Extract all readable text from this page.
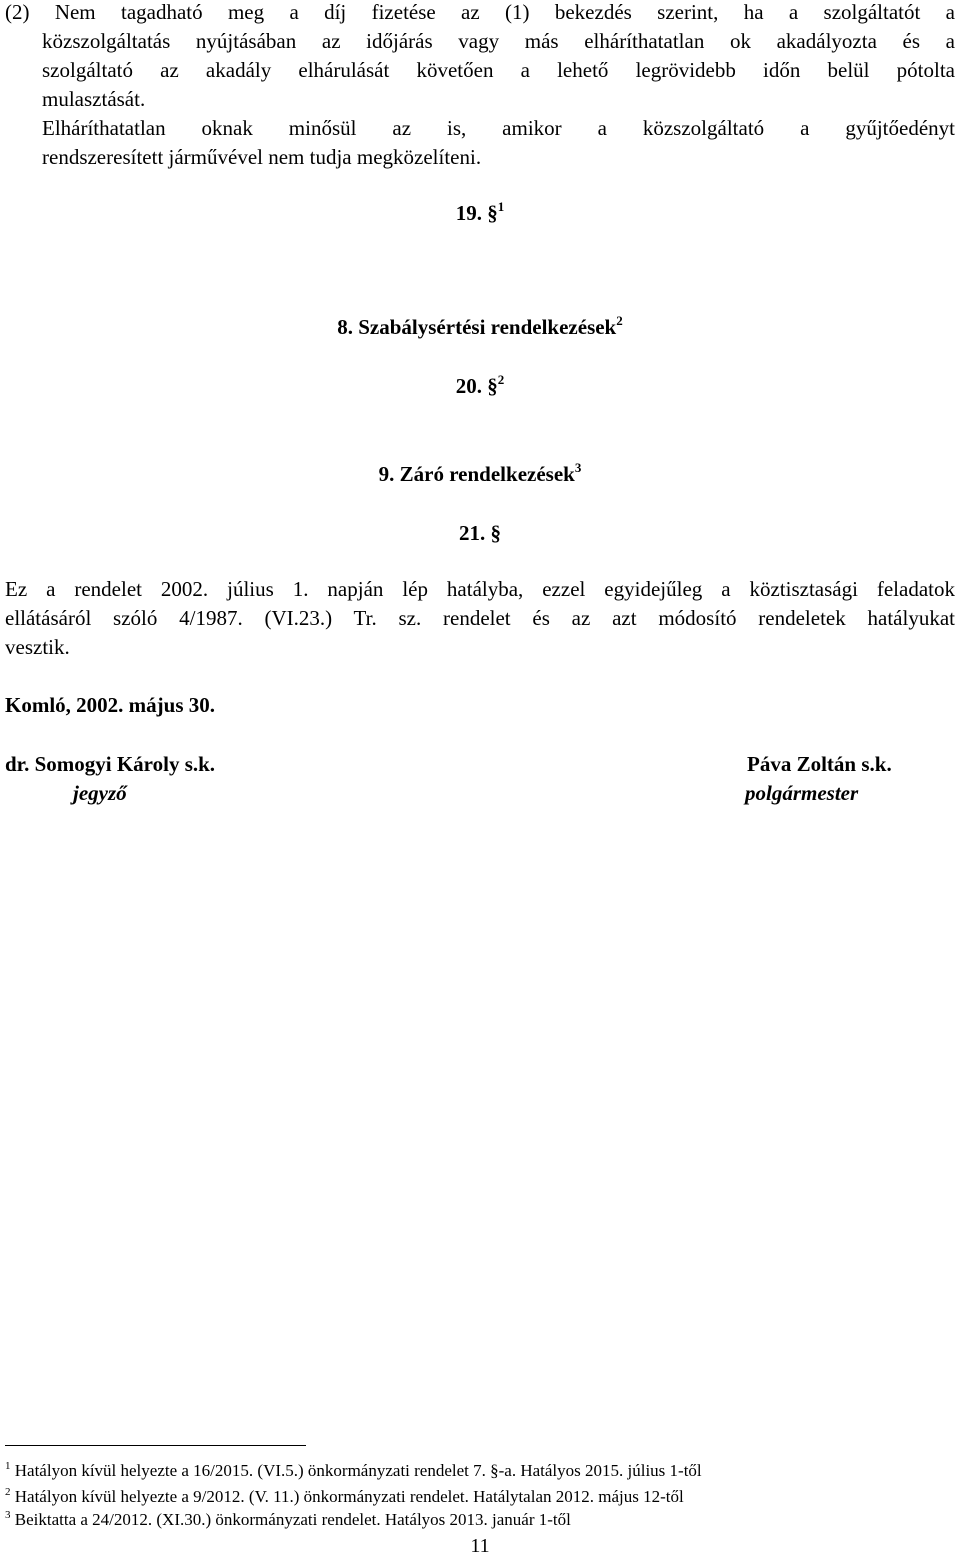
(2) Nem tagadható meg a díj fizetése az (1) bekezdés szerint, ha a szolgáltatót a
közszolgáltatás nyújtásában az időjárás vagy más elháríthatatlan ok akadályozta és a
szolgáltató az akadály elhárulását követően a lehető legrövidebb időn belül pótolta
mulasztását.
Elháríthatatlan oknak minősül az is, amikor a közszolgáltató a gyűjtőedényt
rendszeresített járművével nem tudja megközelíteni.
19. §$^1$
8. Szabálysértési rendelkezések$^2$
20. §$^2$
9. Záró rendelkezések$^3$
21. §
Ez a rendelet 2002. július 1. napján lép hatályba, ezzel egyidejűleg a köztisztasági feladatok
ellátásáról szóló 4/1987. (VI.23.) Tr. sz. rendelet és az azt módosító rendeletek hatályukat
vesztik.
Komló, 2002. május 30.
dr. Somogyi Károly s.k.
jegyző
Páva Zoltán s.k.
polgármester
$^1$ Hatályon kívül helyezte a 16/2015. (VI.5.) önkormányzati rendelet 7. §-a. Hatályos 2015. július 1-től
$^2$ Hatályon kívül helyezte a 9/2012. (V. 11.) önkormányzati rendelet. Hatálytalan 2012. május 12-től
$^3$ Beiktatta a 24/2012. (XI.30.) önkormányzati rendelet. Hatályos 2013. január 1-től
11
